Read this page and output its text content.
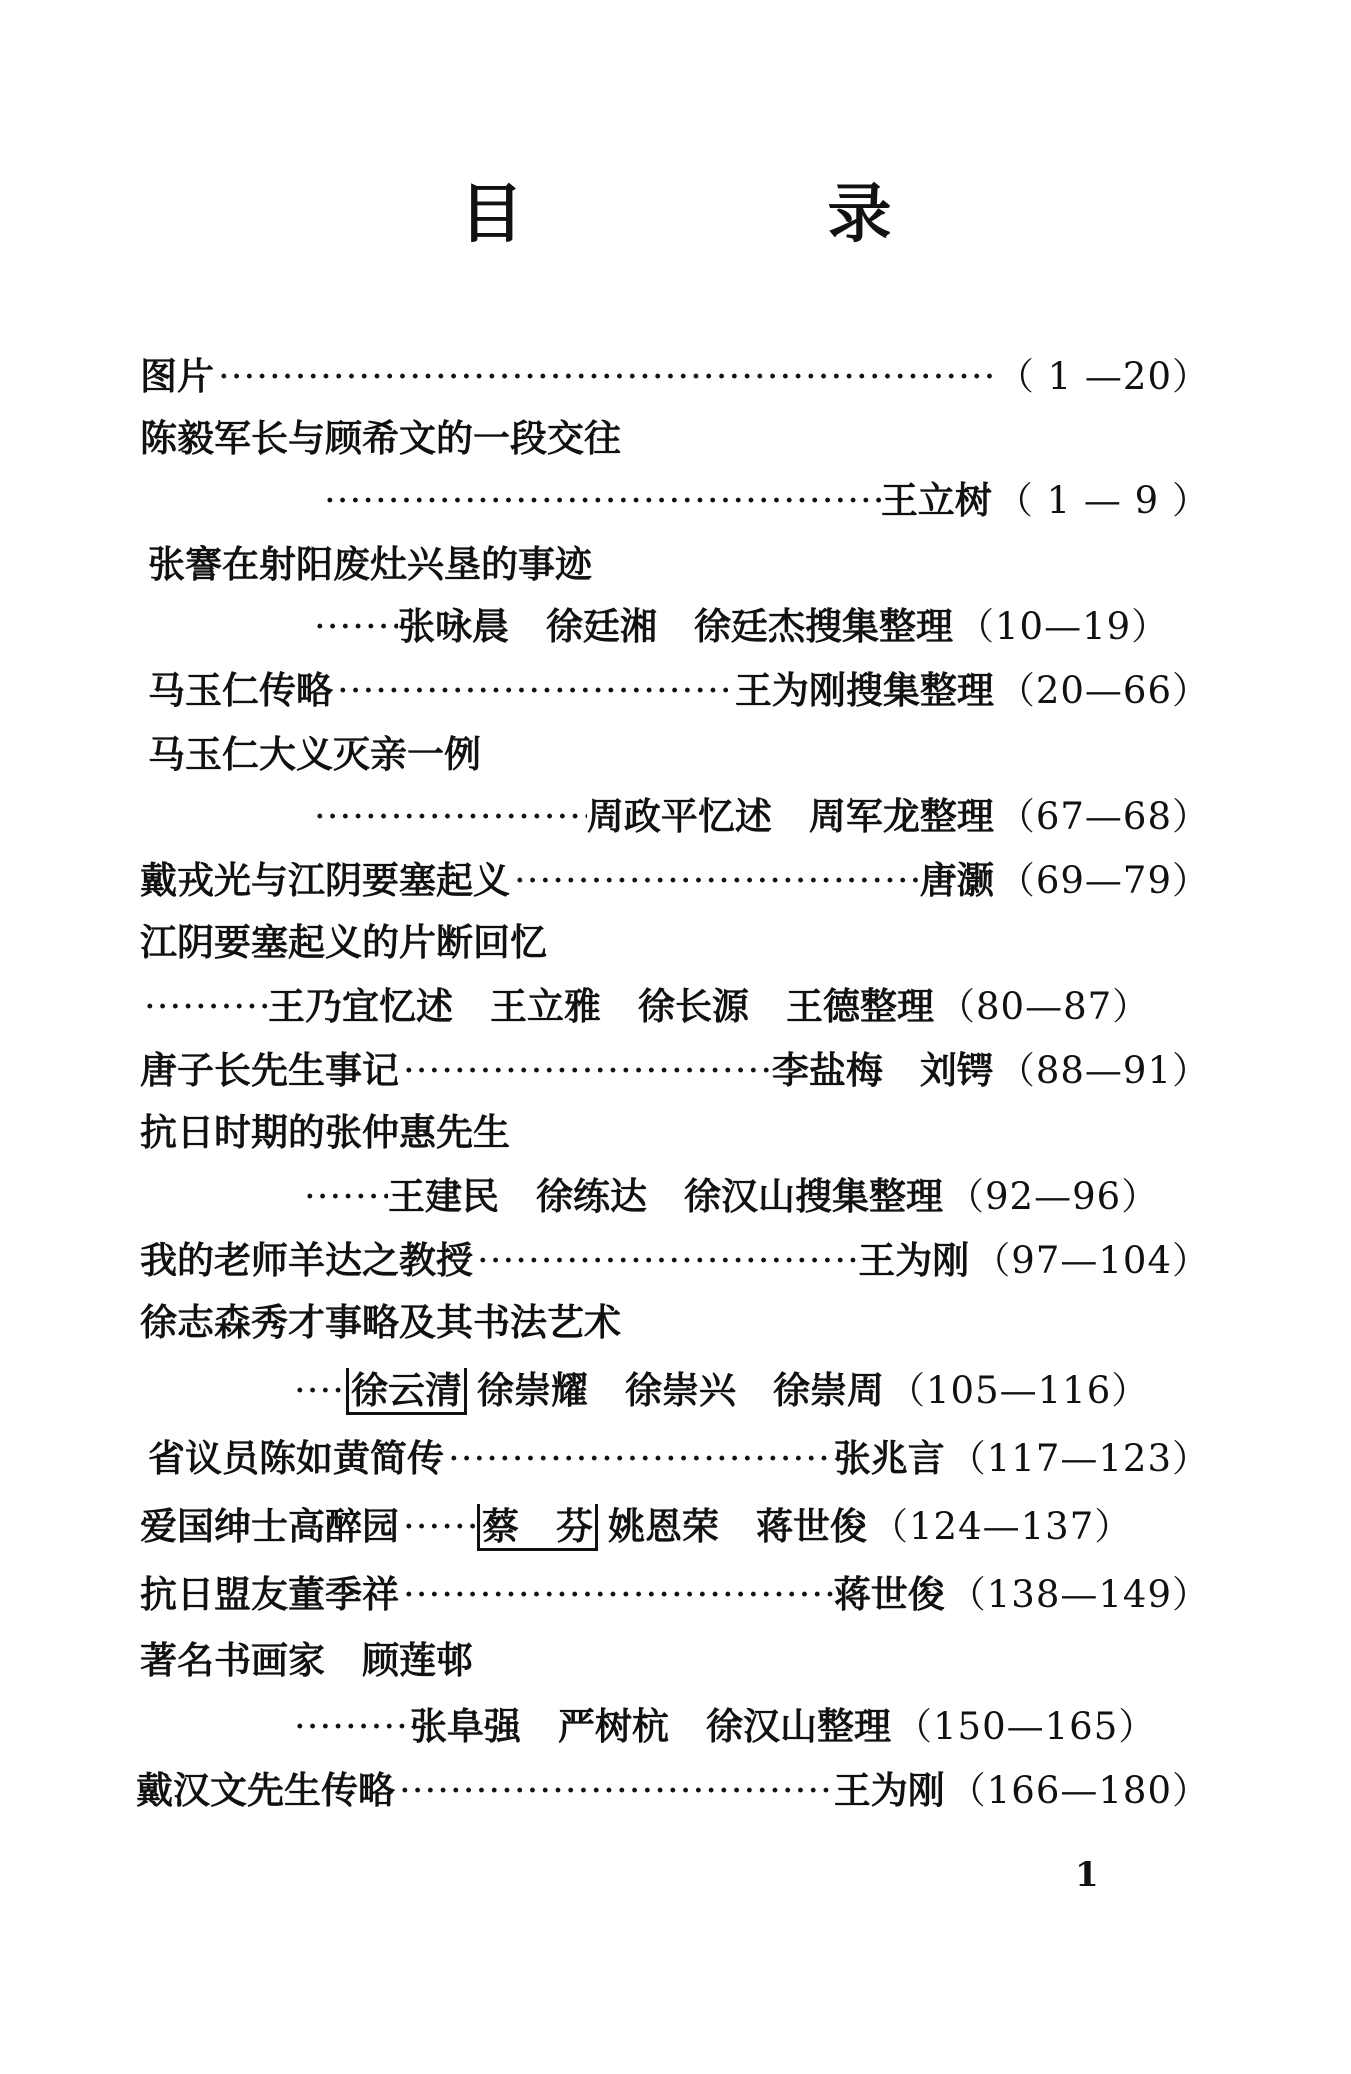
目　录
图片 ·····	（ 1 —20）
陈毅军长与顾希文的一段交往
·····
王立树 （ 1 — 9 ）
张謇在射阳废灶兴垦的事迹
·····
张咏晨　徐廷湘　徐廷杰搜集整理 （10—19）
马玉仁传略 ·····	王为刚搜集整理 （20—66）
马玉仁大义灭亲一例
·····
周政平忆述　周军龙整理 （67—68）
戴戎光与江阴要塞起义 ·····	唐灏 （69—79）
江阴要塞起义的片断回忆
·····
王乃宜忆述　王立雅　徐长源　王德整理 （80—87）
唐子长先生事记 ·····	李盐梅　刘锷 （88—91）
抗日时期的张仲惠先生
·····
王建民　徐练达　徐汉山搜集整理 （92—96）
我的老师羊达之教授 ·····	王为刚 （97—104）
徐志森秀才事略及其书法艺术
·····
徐云清 徐崇耀　徐崇兴　徐崇周 （105—116）
省议员陈如黄简传 ·····	张兆言 （117—123）
爱国绅士高醉园 ····· 蔡　芬 姚恩荣　蒋世俊 （124—137）
抗日盟友董季祥 ·····	蒋世俊 （138—149）
著名书画家　顾莲邨
·····
张阜强　严树杭　徐汉山整理 （150—165）
戴汉文先生传略 ·····	王为刚 （166—180）
1
